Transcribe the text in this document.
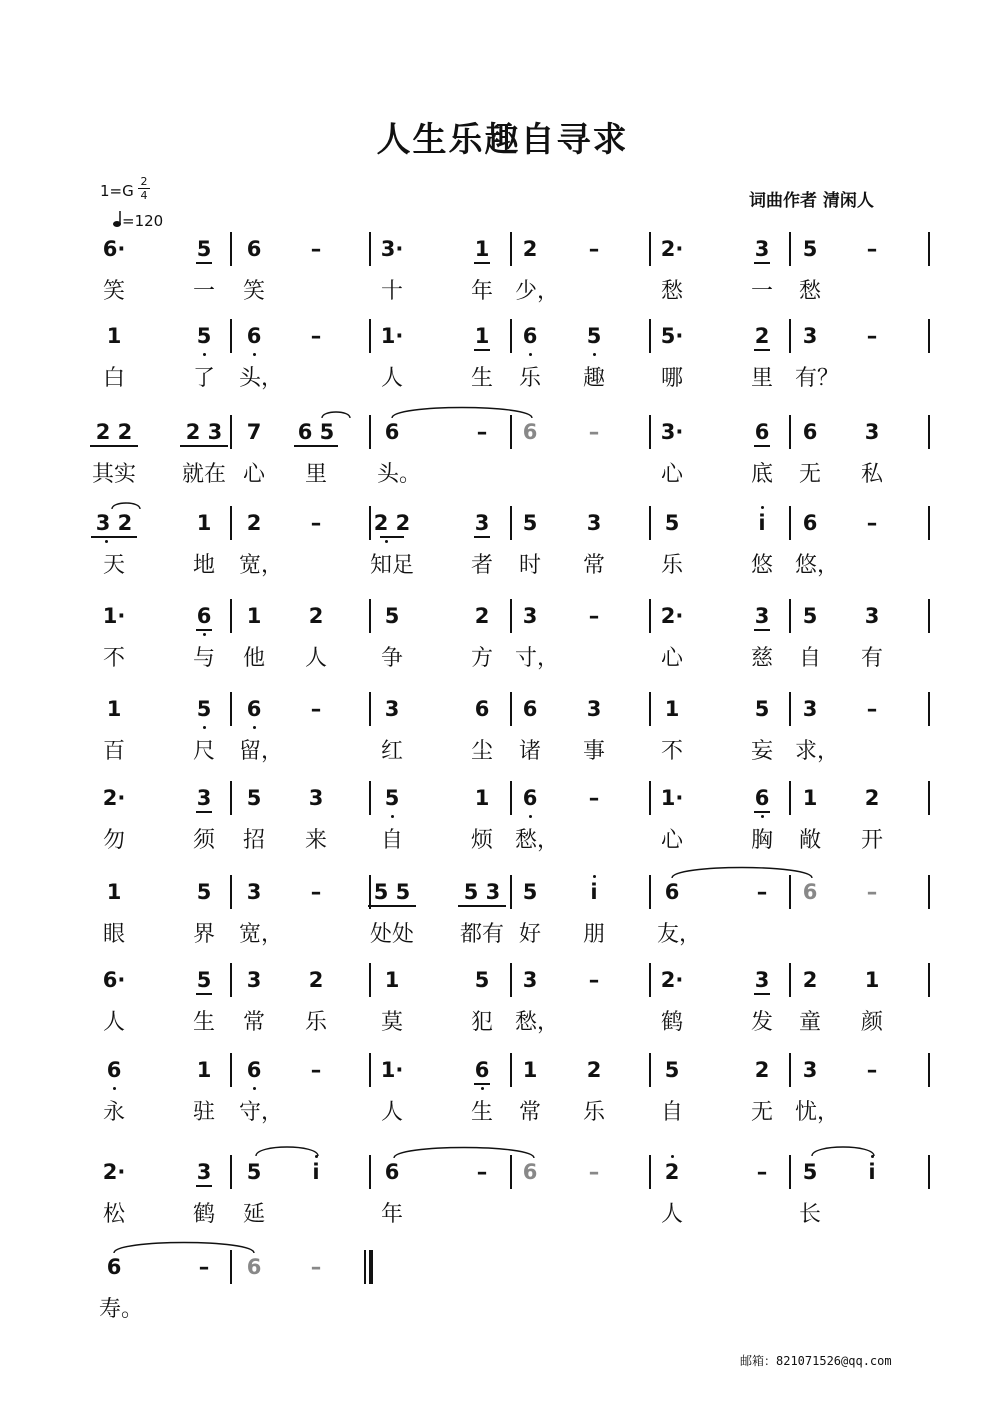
人生乐趣自寻求
1=G
2
4
=120
词曲作者 清闲人
6·	5 6	–	3·	1 2	–	2·	3 5	–
笑	一 笑	十	年 少，	愁	一 愁
1	5 6	–	1·	1 6 5	5·	2 3	–
白	了 头，	人	生 乐 趣	哪	里 有？
2 2	2 3 7 6 5 6	–	6	–	3·	6 6 3
其实 就在 心 里 头。	心	底 无 私
3 2	1 2	–	2 2	3 5 3	5	i	6	–
天	地 宽，	知足	者 时 常	乐	悠 悠，
1·	6 1 2	5	2 3	–	2·	3 5 3
不	与 他 人 争	方 寸，	心	慈 自 有
1	5 6	–	3	6 6 3	1	5 3	–
百	尺 留，	红	尘 诸 事	不	妄 求，
2·	3 5 3	5	1 6	–	1·	6 1 2
勿	须 招 来 自	烦 愁，	心	胸 敞 开
1	5 3	–	5 5	5 3 5	i	6	–	6	–
眼	界 宽，	处处 都有 好 朋 友，
6·	5 3 2	1	5 3	–	2·	3 2 1
人	生 常 乐 莫	犯 愁，	鹤	发 童 颜
6	1 6	–	1·	6 1 2	5	2 3	–
永	驻 守，	人	生 常 乐	自	无 忧，
2·	3 5	i	6	–	6	–	2	–	5	i
松	鹤 延	年	人	长
6	–	6	–
寿。
邮箱：821071526@qq.com
